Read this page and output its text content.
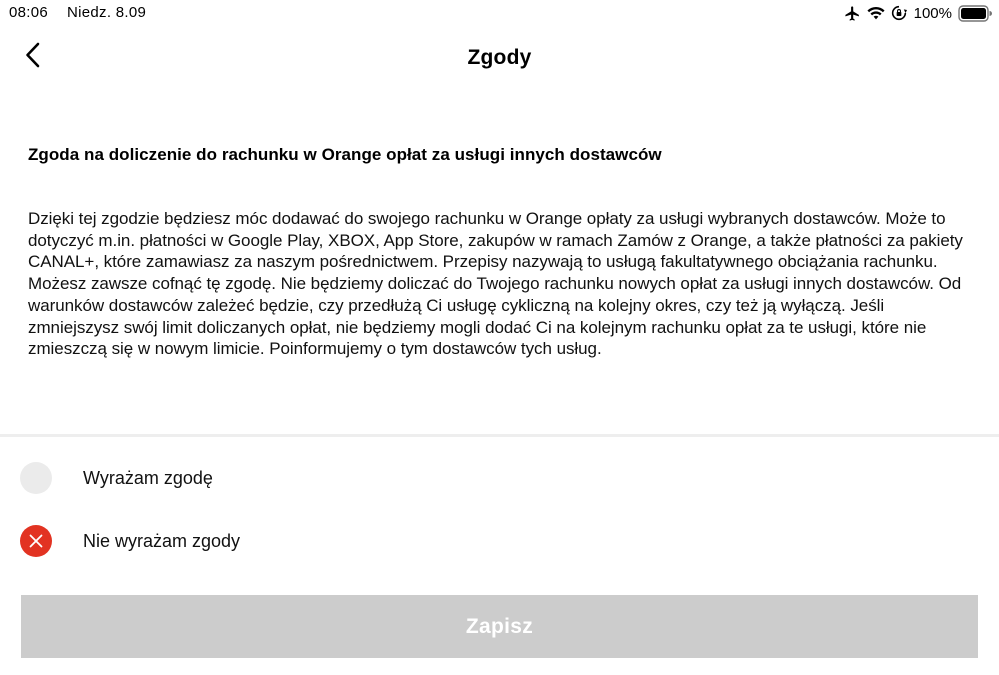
08:06 Niedz. 8.09	100%
Zgody
Zgoda na doliczenie do rachunku w Orange opłat za usługi innych dostawców
Dzięki tej zgodzie będziesz móc dodawać do swojego rachunku w Orange opłaty za usługi wybranych dostawców. Może to dotyczyć m.in. płatności w Google Play, XBOX, App Store, zakupów w ramach Zamów z Orange, a także płatności za pakiety CANAL+, które zamawiasz za naszym pośrednictwem. Przepisy nazywają to usługą fakultatywnego obciążania rachunku. Możesz zawsze cofnąć tę zgodę. Nie będziemy doliczać do Twojego rachunku nowych opłat za usługi innych dostawców. Od warunków dostawców zależeć będzie, czy przedłużą Ci usługę cykliczną na kolejny okres, czy też ją wyłączą. Jeśli zmniejszysz swój limit doliczanych opłat, nie będziemy mogli dodać Ci na kolejnym rachunku opłat za te usługi, które nie zmieszczą się w nowym limicie. Poinformujemy o tym dostawców tych usług.
Wyrażam zgodę
Nie wyrażam zgody
Zapisz
